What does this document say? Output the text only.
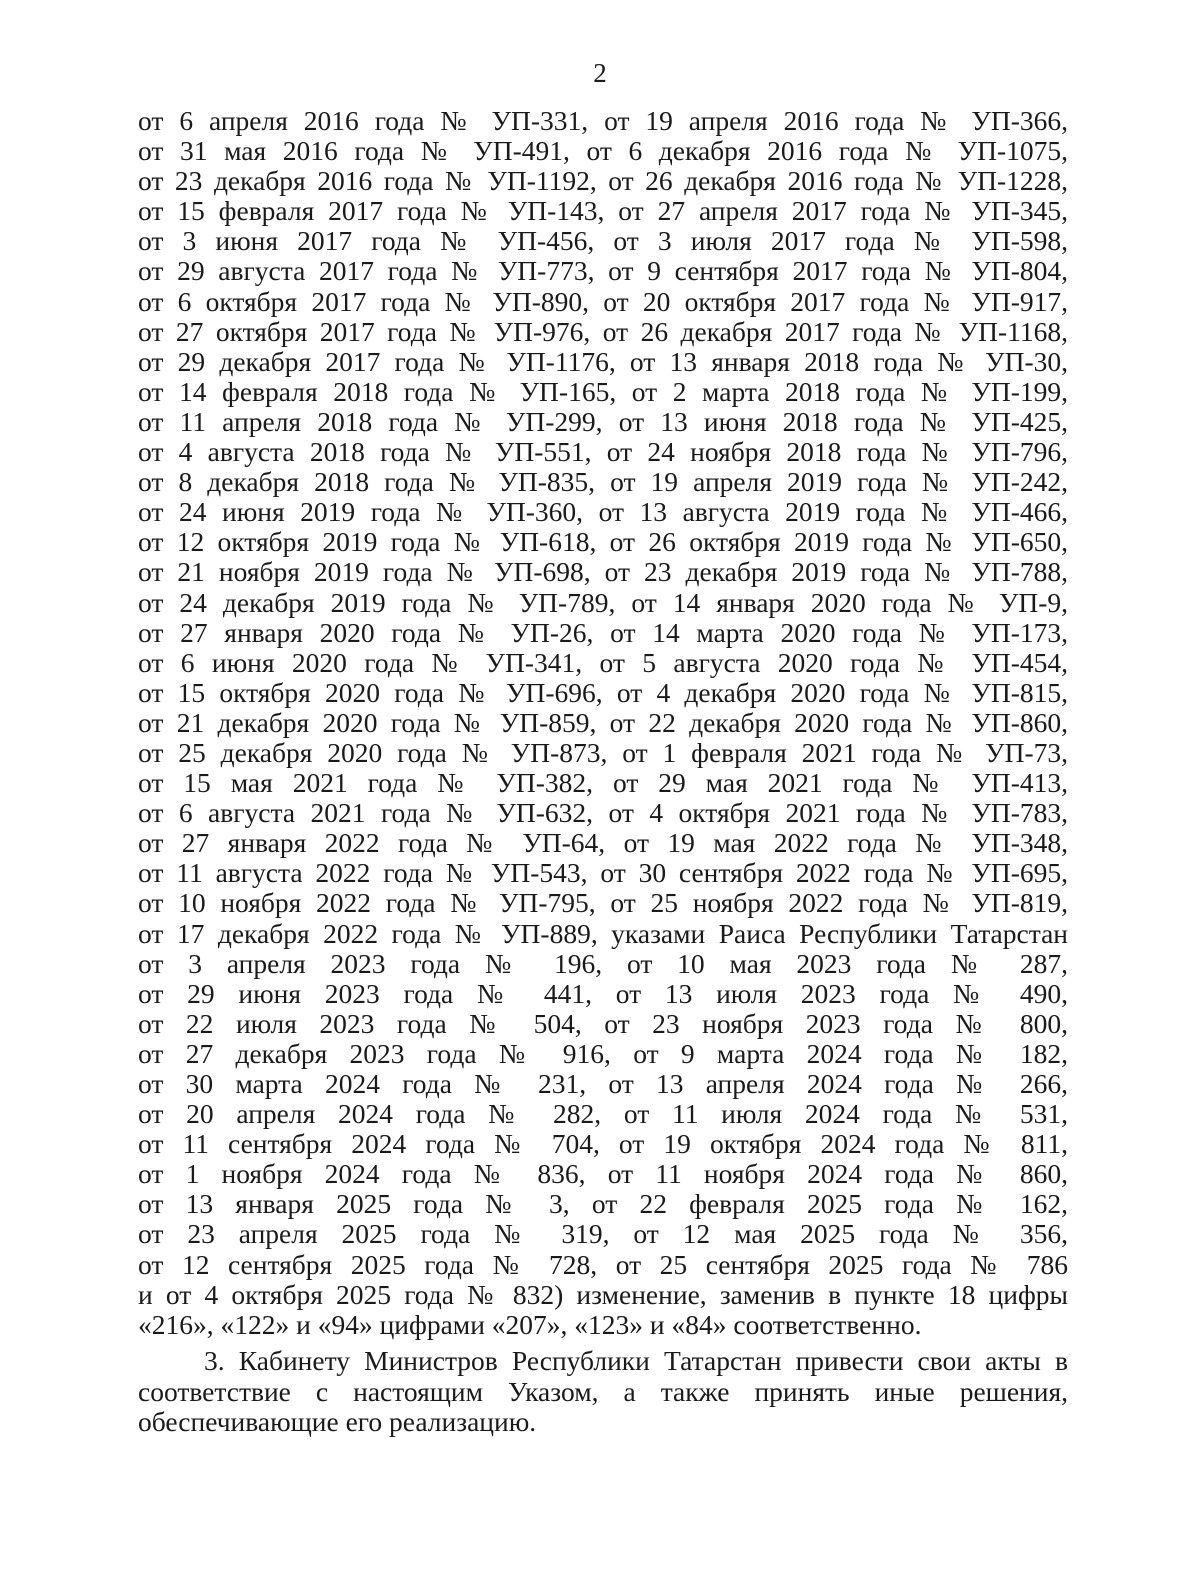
2
от 6 апреля 2016 года № УП-331, от 19 апреля 2016 года № УП-366,
от 31 мая 2016 года № УП-491, от 6 декабря 2016 года № УП-1075,
от 23 декабря 2016 года № УП-1192, от 26 декабря 2016 года № УП-1228,
от 15 февраля 2017 года № УП-143, от 27 апреля 2017 года № УП-345,
от 3 июня 2017 года № УП-456, от 3 июля 2017 года № УП-598,
от 29 августа 2017 года № УП-773, от 9 сентября 2017 года № УП-804,
от 6 октября 2017 года № УП-890, от 20 октября 2017 года № УП-917,
от 27 октября 2017 года № УП-976, от 26 декабря 2017 года № УП-1168,
от 29 декабря 2017 года № УП-1176, от 13 января 2018 года № УП-30,
от 14 февраля 2018 года № УП-165, от 2 марта 2018 года № УП-199,
от 11 апреля 2018 года № УП-299, от 13 июня 2018 года № УП-425,
от 4 августа 2018 года № УП-551, от 24 ноября 2018 года № УП-796,
от 8 декабря 2018 года № УП-835, от 19 апреля 2019 года № УП-242,
от 24 июня 2019 года № УП-360, от 13 августа 2019 года № УП-466,
от 12 октября 2019 года № УП-618, от 26 октября 2019 года № УП-650,
от 21 ноября 2019 года № УП-698, от 23 декабря 2019 года № УП-788,
от 24 декабря 2019 года № УП-789, от 14 января 2020 года № УП-9,
от 27 января 2020 года № УП-26, от 14 марта 2020 года № УП-173,
от 6 июня 2020 года № УП-341, от 5 августа 2020 года № УП-454,
от 15 октября 2020 года № УП-696, от 4 декабря 2020 года № УП-815,
от 21 декабря 2020 года № УП-859, от 22 декабря 2020 года № УП-860,
от 25 декабря 2020 года № УП-873, от 1 февраля 2021 года № УП-73,
от 15 мая 2021 года № УП-382, от 29 мая 2021 года № УП-413,
от 6 августа 2021 года № УП-632, от 4 октября 2021 года № УП-783,
от 27 января 2022 года № УП-64, от 19 мая 2022 года № УП-348,
от 11 августа 2022 года № УП-543, от 30 сентября 2022 года № УП-695,
от 10 ноября 2022 года № УП-795, от 25 ноября 2022 года № УП-819,
от 17 декабря 2022 года № УП-889, указами Раиса Республики Татарстан
от 3 апреля 2023 года № 196, от 10 мая 2023 года № 287,
от 29 июня 2023 года № 441, от 13 июля 2023 года № 490,
от 22 июля 2023 года № 504, от 23 ноября 2023 года № 800,
от 27 декабря 2023 года № 916, от 9 марта 2024 года № 182,
от 30 марта 2024 года № 231, от 13 апреля 2024 года № 266,
от 20 апреля 2024 года № 282, от 11 июля 2024 года № 531,
от 11 сентября 2024 года № 704, от 19 октября 2024 года № 811,
от 1 ноября 2024 года № 836, от 11 ноября 2024 года № 860,
от 13 января 2025 года № 3, от 22 февраля 2025 года № 162,
от 23 апреля 2025 года № 319, от 12 мая 2025 года № 356,
от 12 сентября 2025 года № 728, от 25 сентября 2025 года № 786
и от 4 октября 2025 года № 832) изменение, заменив в пункте 18 цифры
«216», «122» и «94» цифрами «207», «123» и «84» соответственно.
3. Кабинету Министров Республики Татарстан привести свои акты в
соответствие с настоящим Указом, а также принять иные решения,
обеспечивающие его реализацию.
